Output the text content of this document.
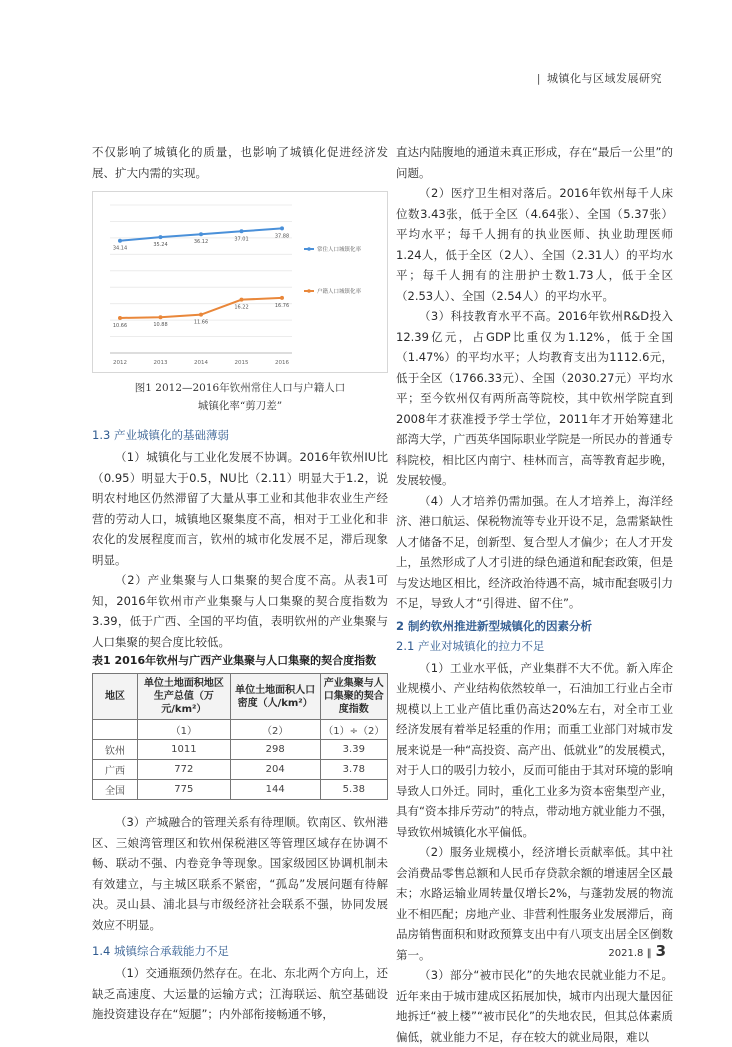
| 城镇化与区域发展研究

不仅影响了城镇化的质量，也影响了城镇化促进经济发展、扩大内需的实现。

2012	2013	2014	2015	2016
34.14
35.24	36.12	37.01	37.88
常住人口城镇化率
10.66	10.88	11.66
16.22	16.76
户籍人口城镇化率
图1 2012—2016年钦州常住人口与户籍人口
城镇化率“剪刀差”
1.3 产业城镇化的基础薄弱

（1）城镇化与工业化发展不协调。2016年钦州IU比（0.95）明显大于0.5，NU比（2.11）明显大于1.2，说明农村地区仍然滞留了大量从事工业和其他非农业生产经营的劳动人口，城镇地区聚集度不高，相对于工业化和非农化的发展程度而言，钦州的城市化发展不足，滞后现象明显。

（2）产业集聚与人口集聚的契合度不高。从表1可知，2016年钦州市产业集聚与人口集聚的契合度指数为3.39，低于广西、全国的平均值，表明钦州的产业集聚与人口集聚的契合度比较低。

表1 2016年钦州与广西产业集聚与人口集聚的契合度指数
地区	单位土地面积地区生产总值（万元/km²）	单位土地面积人口密度（人/km²）	产业集聚与人口集聚的契合度指数
	（1）	（2）	（1）÷（2）
钦州	1011	298	3.39
广西	772	204	3.78
全国	775	144	5.38

（3）产城融合的管理关系有待理顺。钦南区、钦州港区、三娘湾管理区和钦州保税港区等管理区域存在协调不畅、联动不强、内卷竞争等现象。国家级园区协调机制未有效建立，与主城区联系不紧密，“孤岛”发展问题有待解决。灵山县、浦北县与市级经济社会联系不强，协同发展效应不明显。

1.4 城镇综合承载能力不足

（1）交通瓶颈仍然存在。在北、东北两个方向上，还缺乏高速度、大运量的运输方式；江海联运、航空基础设施投资建设存在“短腿”；内外部衔接畅通不够，

直达内陆腹地的通道未真正形成，存在“最后一公里”的问题。

（2）医疗卫生相对落后。2016年钦州每千人床位数3.43张，低于全区（4.64张）、全国（5.37张）平均水平；每千人拥有的执业医师、执业助理医师1.24人，低于全区（2人）、全国（2.31人）的平均水平；每千人拥有的注册护士数1.73人，低于全区（2.53人）、全国（2.54人）的平均水平。

（3）科技教育水平不高。2016年钦州R&D投入12.39亿元，占GDP比重仅为1.12%，低于全国（1.47%）的平均水平；人均教育支出为1112.6元，低于全区（1766.33元）、全国（2030.27元）平均水平；至今钦州仅有两所高等院校，其中钦州学院直到2008年才获准授予学士学位，2011年才开始筹建北部湾大学，广西英华国际职业学院是一所民办的普通专科院校，相比区内南宁、桂林而言，高等教育起步晚，发展较慢。

（4）人才培养仍需加强。在人才培养上，海洋经济、港口航运、保税物流等专业开设不足，急需紧缺性人才储备不足，创新型、复合型人才偏少；在人才开发上，虽然形成了人才引进的绿色通道和配套政策，但是与发达地区相比，经济政治待遇不高，城市配套吸引力不足，导致人才“引得进、留不住”。

2 制约钦州推进新型城镇化的因素分析
2.1 产业对城镇化的拉力不足

（1）工业水平低，产业集群不大不优。新入库企业规模小、产业结构依然较单一，石油加工行业占全市规模以上工业产值比重仍高达20%左右，对全市工业经济发展有着举足轻重的作用；而重工业部门对城市发展来说是一种“高投资、高产出、低就业”的发展模式，对于人口的吸引力较小，反而可能由于其对环境的影响导致人口外迁。同时，重化工业多为资本密集型产业，具有“资本排斥劳动”的特点，带动地方就业能力不强，导致钦州城镇化水平偏低。

（2）服务业规模小，经济增长贡献率低。其中社会消费品零售总额和人民币存贷款余额的增速居全区最末；水路运输业周转量仅增长2%，与蓬勃发展的物流业不相匹配；房地产业、非营利性服务业发展滞后，商品房销售面积和财政预算支出中有八项支出居全区倒数第一。

（3）部分“被市民化”的失地农民就业能力不足。近年来由于城市建成区拓展加快，城市内出现大量因征地拆迁“被上楼”“被市民化”的失地农民，但其总体素质偏低，就业能力不足，存在较大的就业局限，难以

2021.8 ‖ 3
